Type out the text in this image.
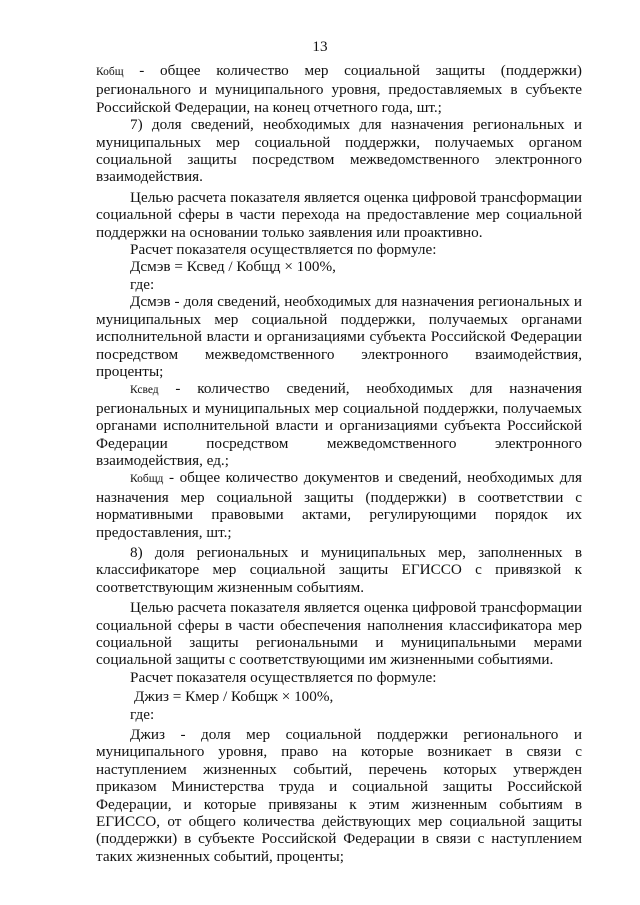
13

Кобщ - общее количество мер социальной защиты (поддержки) регионального и муниципального уровня, предоставляемых в субъекте Российской Федерации, на конец отчетного года, шт.;

7) доля сведений, необходимых для назначения региональных и муниципальных мер социальной поддержки, получаемых органом социальной защиты посредством межведомственного электронного взаимодействия.

Целью расчета показателя является оценка цифровой трансформации социальной сферы в части перехода на предоставление мер социальной поддержки на основании только заявления или проактивно.

Расчет показателя осуществляется по формуле:

Дсмэв = Ксвед / Кобщд × 100%,

где:

Дсмэв - доля сведений, необходимых для назначения региональных и муниципальных мер социальной поддержки, получаемых органами исполнительной власти и организациями субъекта Российской Федерации посредством межведомственного электронного взаимодействия, проценты;

Ксвед - количество сведений, необходимых для назначения региональных и муниципальных мер социальной поддержки, получаемых органами исполнительной власти и организациями субъекта Российской Федерации посредством межведомственного электронного взаимодействия, ед.;

Кобщд - общее количество документов и сведений, необходимых для назначения мер социальной защиты (поддержки) в соответствии с нормативными правовыми актами, регулирующими порядок их предоставления, шт.;

8) доля региональных и муниципальных мер, заполненных в классификаторе мер социальной защиты ЕГИССО с привязкой к соответствующим жизненным событиям.

Целью расчета показателя является оценка цифровой трансформации социальной сферы в части обеспечения наполнения классификатора мер социальной защиты региональными и муниципальными мерами социальной защиты с соответствующими им жизненными событиями.

Расчет показателя осуществляется по формуле:

Джиз = Кмер / Кобщж × 100%,

где:

Джиз - доля мер социальной поддержки регионального и муниципального уровня, право на которые возникает в связи с наступлением жизненных событий, перечень которых утвержден приказом Министерства труда и социальной защиты Российской Федерации, и которые привязаны к этим жизненным событиям в ЕГИССО, от общего количества действующих мер социальной защиты (поддержки) в субъекте Российской Федерации в связи с наступлением таких жизненных событий, проценты;
